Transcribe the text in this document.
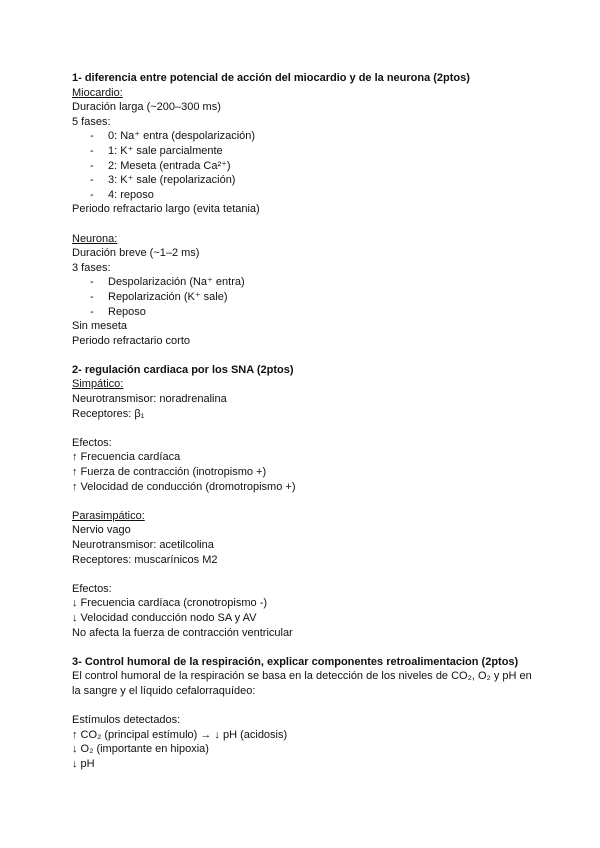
1- diferencia entre potencial de acción del miocardio y de la neurona (2ptos)
Miocardio:
Duración larga (~200–300 ms)
5 fases:
- 0: Na⁺ entra (despolarización)
- 1: K⁺ sale parcialmente
- 2: Meseta (entrada Ca²⁺)
- 3: K⁺ sale (repolarización)
- 4: reposo
Periodo refractario largo (evita tetania)
Neurona:
Duración breve (~1–2 ms)
3 fases:
- Despolarización (Na⁺ entra)
- Repolarización (K⁺ sale)
- Reposo
Sin meseta
Periodo refractario corto
2- regulación cardiaca por los SNA (2ptos)
Simpático:
Neurotransmisor: noradrenalina
Receptores: β₁
Efectos:
↑ Frecuencia cardíaca
↑ Fuerza de contracción (inotropismo +)
↑ Velocidad de conducción (dromotropismo +)
Parasimpático:
Nervio vago
Neurotransmisor: acetilcolina
Receptores: muscarínicos M2
Efectos:
↓ Frecuencia cardíaca (cronotropismo -)
↓ Velocidad conducción nodo SA y AV
No afecta la fuerza de contracción ventricular
3- Control humoral de la respiración, explicar componentes retroalimentacion (2ptos)
El control humoral de la respiración se basa en la detección de los niveles de CO₂, O₂ y pH en la sangre y el líquido cefalorraquídeo:
Estímulos detectados:
↑ CO₂ (principal estímulo) → ↓ pH (acidosis)
↓ O₂ (importante en hipoxia)
↓ pH
